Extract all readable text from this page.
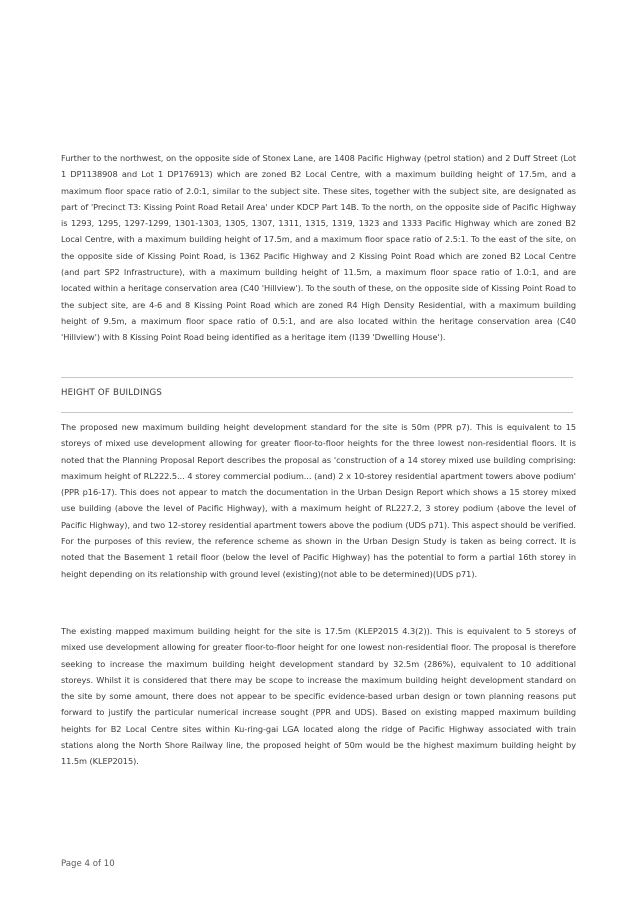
Further to the northwest, on the opposite side of Stonex Lane, are 1408 Pacific Highway (petrol station) and 2 Duff Street (Lot 1 DP1138908 and Lot 1 DP176913) which are zoned B2 Local Centre, with a maximum building height of 17.5m, and a maximum floor space ratio of 2.0:1, similar to the subject site. These sites, together with the subject site, are designated as part of 'Precinct T3: Kissing Point Road Retail Area' under KDCP Part 14B. To the north, on the opposite side of Pacific Highway is 1293, 1295, 1297-1299, 1301-1303, 1305, 1307, 1311, 1315, 1319, 1323 and 1333 Pacific Highway which are zoned B2 Local Centre, with a maximum building height of 17.5m, and a maximum floor space ratio of 2.5:1. To the east of the site, on the opposite side of Kissing Point Road, is 1362 Pacific Highway and 2 Kissing Point Road which are zoned B2 Local Centre (and part SP2 Infrastructure), with a maximum building height of 11.5m, a maximum floor space ratio of 1.0:1, and are located within a heritage conservation area (C40 'Hillview'). To the south of these, on the opposite side of Kissing Point Road to the subject site, are 4-6 and 8 Kissing Point Road which are zoned R4 High Density Residential, with a maximum building height of 9.5m, a maximum floor space ratio of 0.5:1, and are also located within the heritage conservation area (C40 'Hillview') with 8 Kissing Point Road being identified as a heritage item (I139 'Dwelling House').

HEIGHT OF BUILDINGS

The proposed new maximum building height development standard for the site is 50m (PPR p7). This is equivalent to 15 storeys of mixed use development allowing for greater floor-to-floor heights for the three lowest non-residential floors. It is noted that the Planning Proposal Report describes the proposal as 'construction of a 14 storey mixed use building comprising: maximum height of RL222.5... 4 storey commercial podium... (and) 2 x 10-storey residential apartment towers above podium' (PPR p16-17). This does not appear to match the documentation in the Urban Design Report which shows a 15 storey mixed use building (above the level of Pacific Highway), with a maximum height of RL227.2, 3 storey podium (above the level of Pacific Highway), and two 12-storey residential apartment towers above the podium (UDS p71). This aspect should be verified. For the purposes of this review, the reference scheme as shown in the Urban Design Study is taken as being correct. It is noted that the Basement 1 retail floor (below the level of Pacific Highway) has the potential to form a partial 16th storey in height depending on its relationship with ground level (existing)(not able to be determined)(UDS p71).

The existing mapped maximum building height for the site is 17.5m (KLEP2015 4.3(2)). This is equivalent to 5 storeys of mixed use development allowing for greater floor-to-floor height for one lowest non-residential floor. The proposal is therefore seeking to increase the maximum building height development standard by 32.5m (286%), equivalent to 10 additional storeys. Whilst it is considered that there may be scope to increase the maximum building height development standard on the site by some amount, there does not appear to be specific evidence-based urban design or town planning reasons put forward to justify the particular numerical increase sought (PPR and UDS). Based on existing mapped maximum building heights for B2 Local Centre sites within Ku-ring-gai LGA located along the ridge of Pacific Highway associated with train stations along the North Shore Railway line, the proposed height of 50m would be the highest maximum building height by 11.5m (KLEP2015).

Page 4 of 10
